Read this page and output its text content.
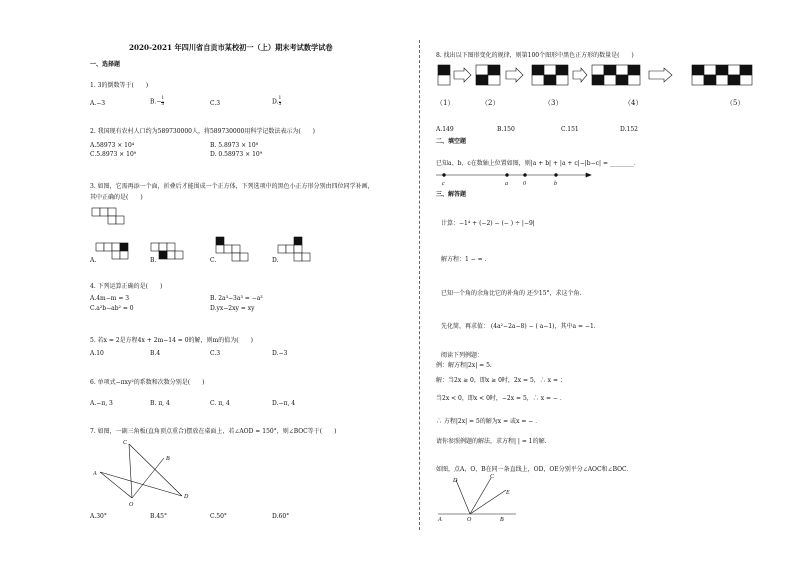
2020-2021 年四川省自贡市某校初一（上）期末考试数学试卷
一、选择题
1. 3的倒数等于(　　)
A.−3	$B.- \frac{1}{3}$	C.3	D. $\frac{1}{3}$
2. 我国现有农村人口约为589730000人，将589730000用科学记数法表示为(　　)
A.58973 × 10⁴	B. 5.8973 × 10⁸
C.5.8973 × 10⁹	D. 0.58973 × 10⁹
3. 如图，它需再添一个面，折叠后才能围成一个正方体，下列选项中的黑色小正方形分别由四位同学补画，
其中正确的是(　　)
A.	B.	C.	D.
4. 下列运算正确的是(　　)
A.4m−m = 3	B. 2a³−3a³ = −a³
C.a²b−ab² = 0	D.yx−2xy = xy
5. 若x = 2是方程4x + 2m−14 = 0的解，则m的值为(　　)
A.10	B.4	C.3	D.−3
6. 单项式−πxy²的系数和次数分别是(　　)
A.−π, 3	B. π, 4	C. π, 4	D.−π, 4
7. 如图，一副三角板(直角顶点重合)摆放在桌面上，若∠AOD = 150°，则∠BOC等于(　　)
C
B
A
D
O
A.30°	B.45°	C.50°	D.60°
8. 找出以下图形变化的规律，则第100个图形中黑色正方形的数量是(　　)
（1）	（2）	（3）	（4）	（5）
A.149	B.150	C.151	D.152
二、填空题
已知a、b、c在数轴上位置如图，则|a + b| + |a + c|−|b−c| = ________．
c	a	0	b
三、解答题
计算：−1⁴ + (−2) − (− ) ÷ |−9|
解方程：1 − = .
已知一个角的余角比它的补角的 还少15°，求这个角.
先化简，再求值： (4a²−2a−8) − ( a−1)，其中a = −1.
阅读下列例题：
例：解方程|2x| = 5.
解：当2x ≥ 0，即x ≥ 0时，2x = 5，∴ x = ；
当2x < 0，即x < 0时，−2x = 5，∴ x = − ．
∴ 方程|2x| = 5的解为x = 或x = − ．
请你参照例题的解法，求方程| | = 1的解.
如图，点A，O，B在同一条直线上，OD，OE分别平分∠AOC和∠BOC．
D
C
E
A	O	B
